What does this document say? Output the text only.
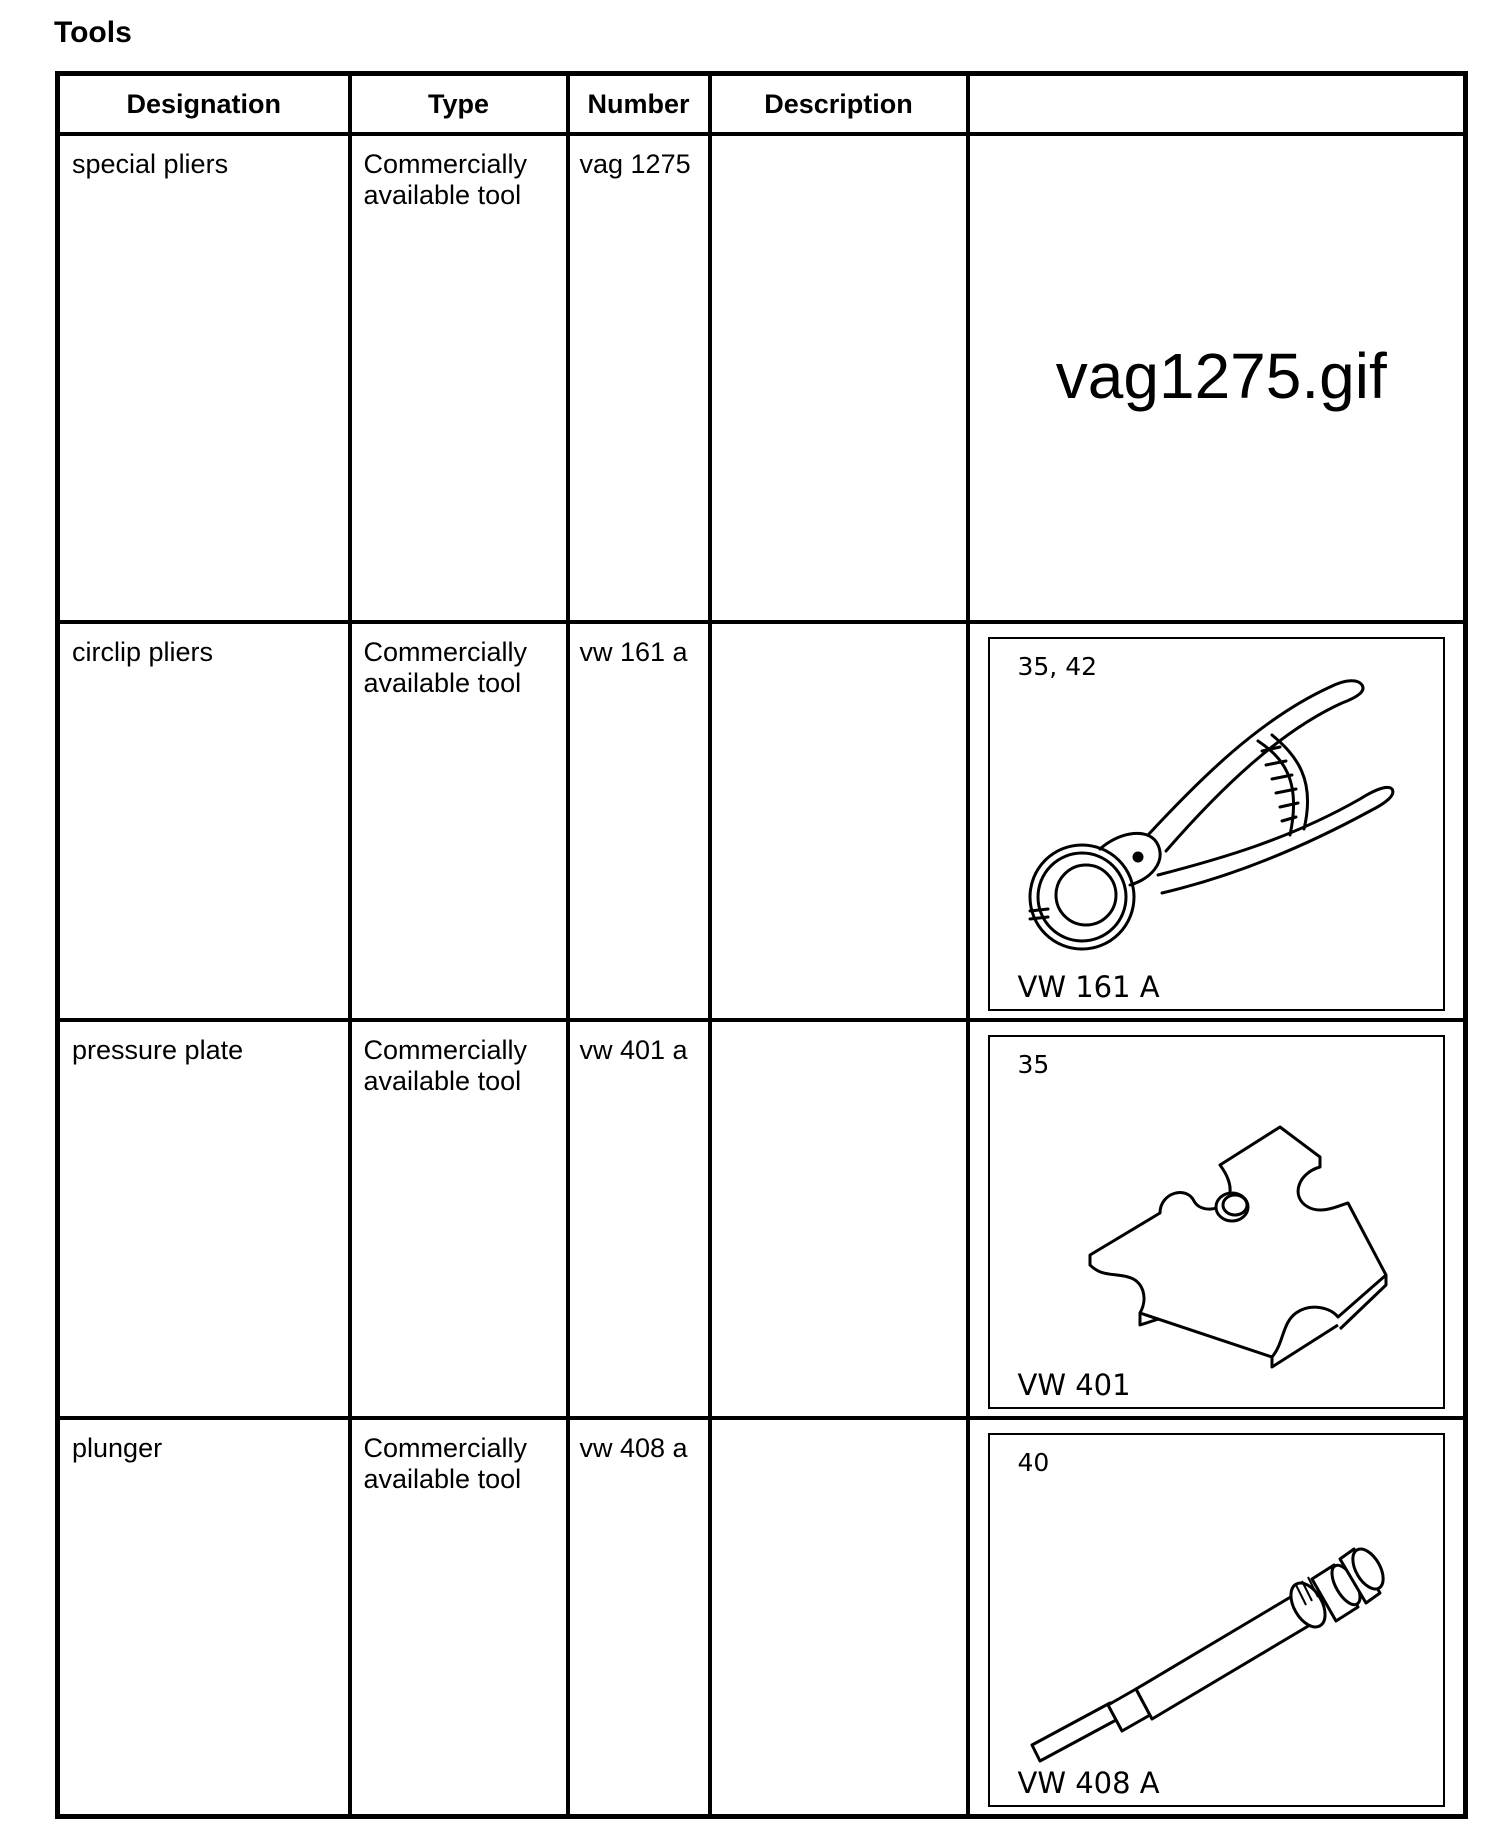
Tools
Designation	Type	Number	Description	
special pliers	Commercially available tool	vag 1275		vag1275.gif

circlip pliers	Commercially available tool	vw 161 a		35, 42
VW 161 A

pressure plate	Commercially available tool	vw 401 a		35
VW 401

plunger	Commercially available tool	vw 408 a		40
VW 408 A
